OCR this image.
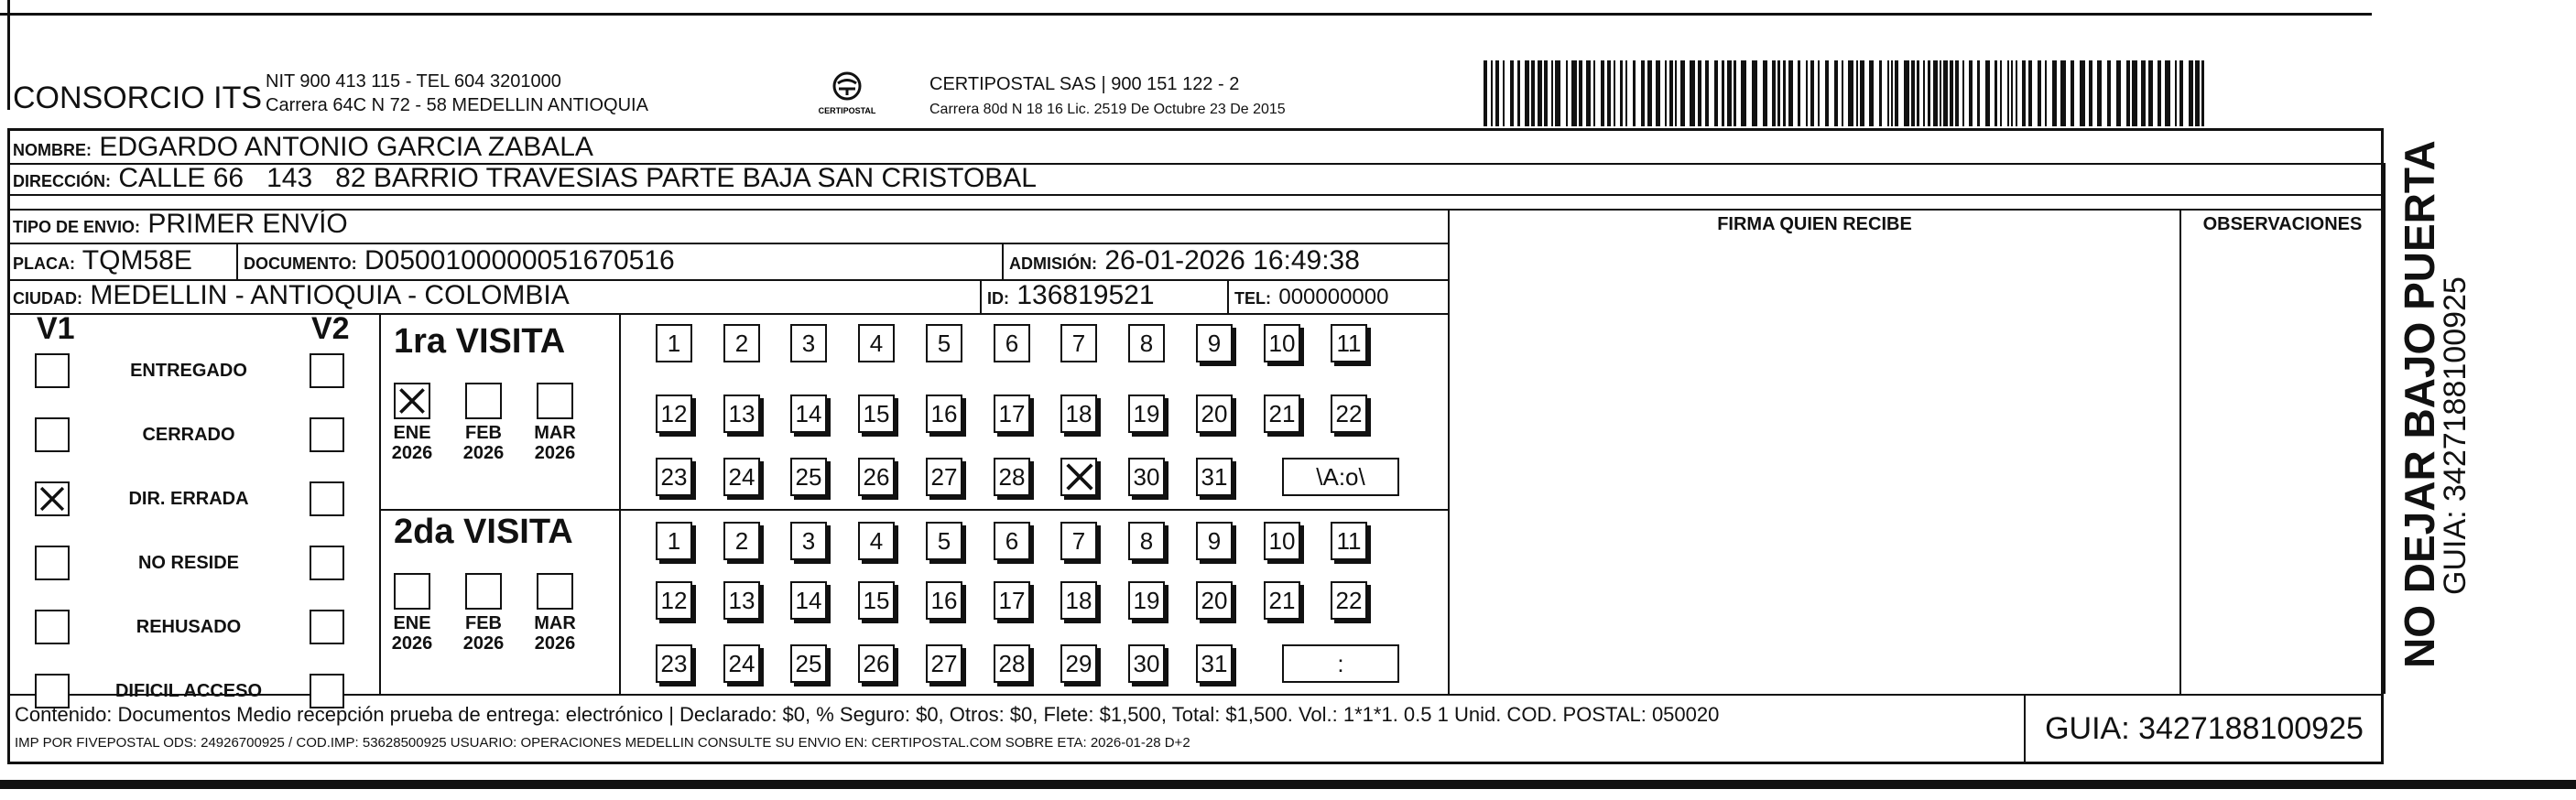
CONSORCIO ITS NIT 900 413 115 - TEL 604 3201000
Carrera 64C N 72 - 58 MEDELLIN ANTIOQUIA	CERTIPOSTAL
CERTIPOSTAL SAS | 900 151 122 - 2
Carrera 80d N 18 16 Lic. 2519 De Octubre 23 De 2015
NOMBRE: EDGARDO ANTONIO GARCIA ZABALA
DIRECCIÓN: CALLE 66   143   82 BARRIO TRAVESIAS PARTE BAJA SAN CRISTOBAL
TIPO DE ENVIO: PRIMER ENVÍO
PLACA: TQM58E	DOCUMENTO: D0500100000051670516	ADMISIÓN: 26-01-2026 16:49:38
CIUDAD: MEDELLIN - ANTIOQUIA - COLOMBIA	ID: 136819521	TEL: 000000000
FIRMA QUIEN RECIBE	OBSERVACIONES
V1	V2
ENTREGADO
CERRADO
DIR. ERRADA
NO RESIDE
REHUSADO
DIFICIL ACCESO
1ra VISITA
2da VISITA
ENE
2026
FEB
2026
MAR
2026
ENE
2026
FEB
2026
MAR
2026
1	2	3	4	5	6	7	8	9	10 11
12 13 14 15 16 17 18 19 20 21 22
23 24 25 26 27 28	30 31	\A:o\
1	2	3	4	5	6	7	8	9	10 11
12 13 14 15 16 17 18 19 20 21 22
23 24 25 26 27 28 29 30 31	:
Contenido: Documentos Medio recepción prueba de entrega: electrónico | Declarado: $0, % Seguro: $0, Otros: $0, Flete: $1,500, Total: $1,500. Vol.: 1*1*1. 0.5 1 Unid. COD. POSTAL: 050020
IMP POR FIVEPOSTAL ODS: 24926700925 / COD.IMP: 53628500925 USUARIO: OPERACIONES MEDELLIN CONSULTE SU ENVIO EN: CERTIPOSTAL.COM SOBRE ETA: 2026-01-28 D+2	GUIA: 3427188100925
NO DEJAR BAJO PUERTA
GUIA: 3427188100925
